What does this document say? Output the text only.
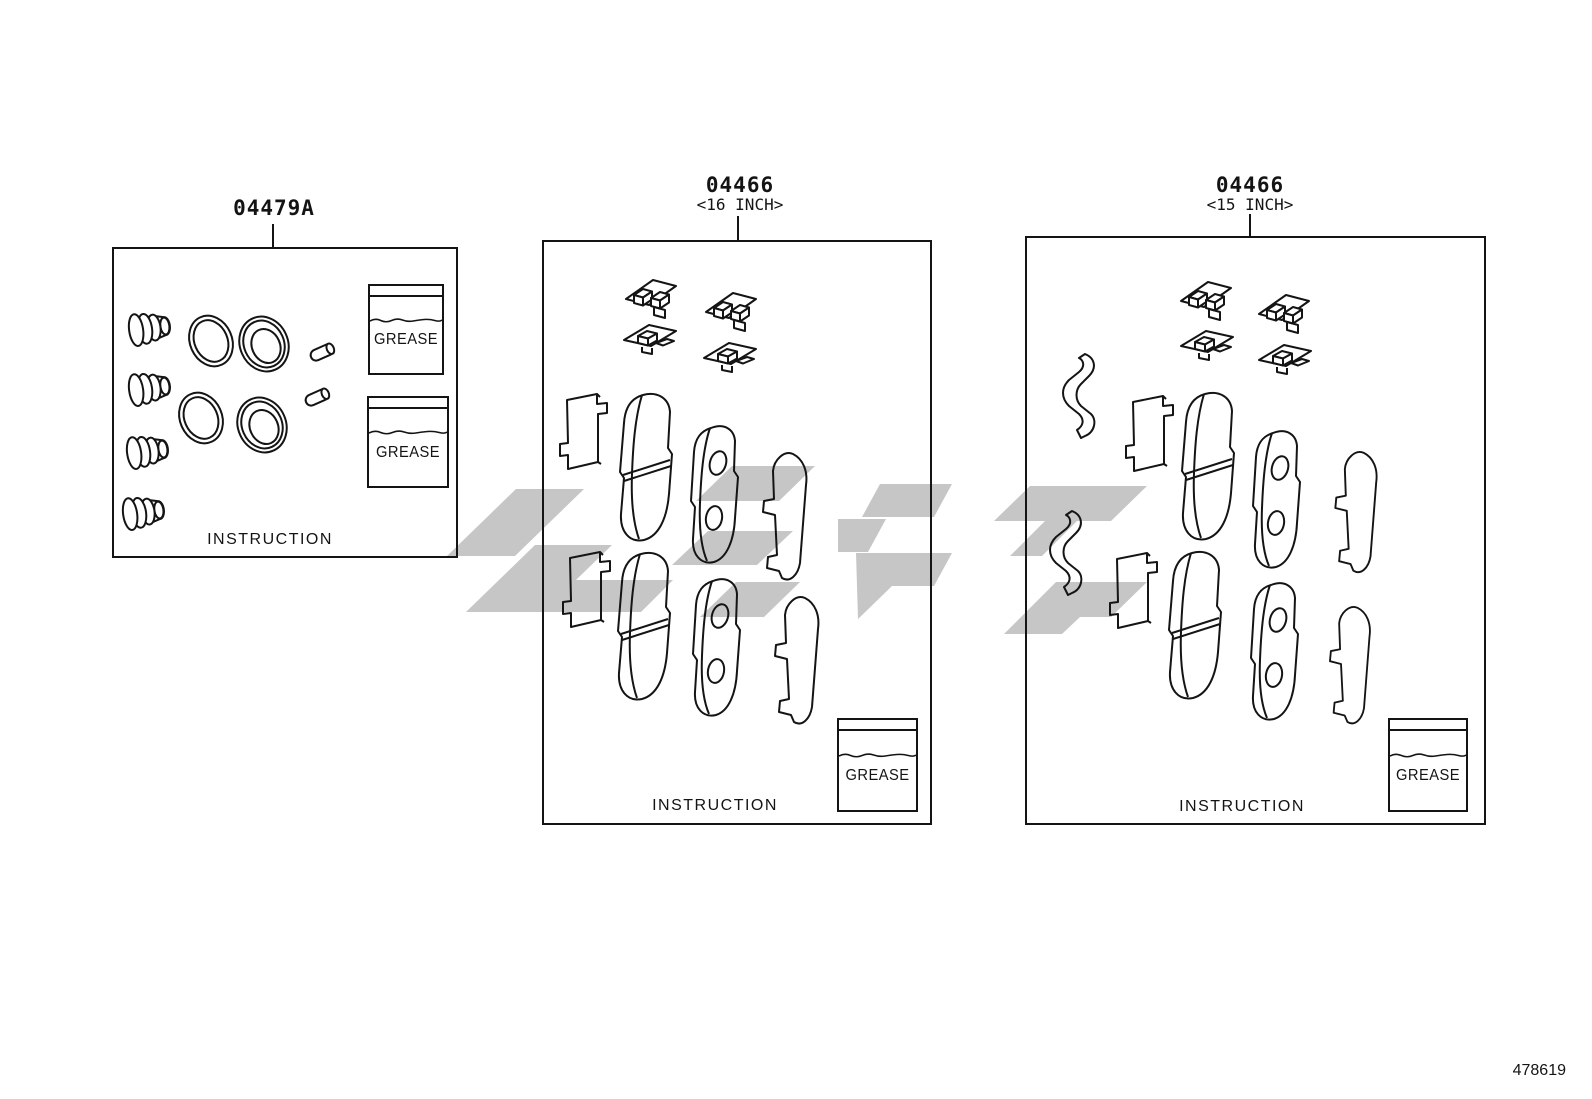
04479A
04466
<16 INCH>
04466
<15 INCH>
GREASE
GREASE
GREASE	GREASE
INSTRUCTION
INSTRUCTION	INSTRUCTION
478619
